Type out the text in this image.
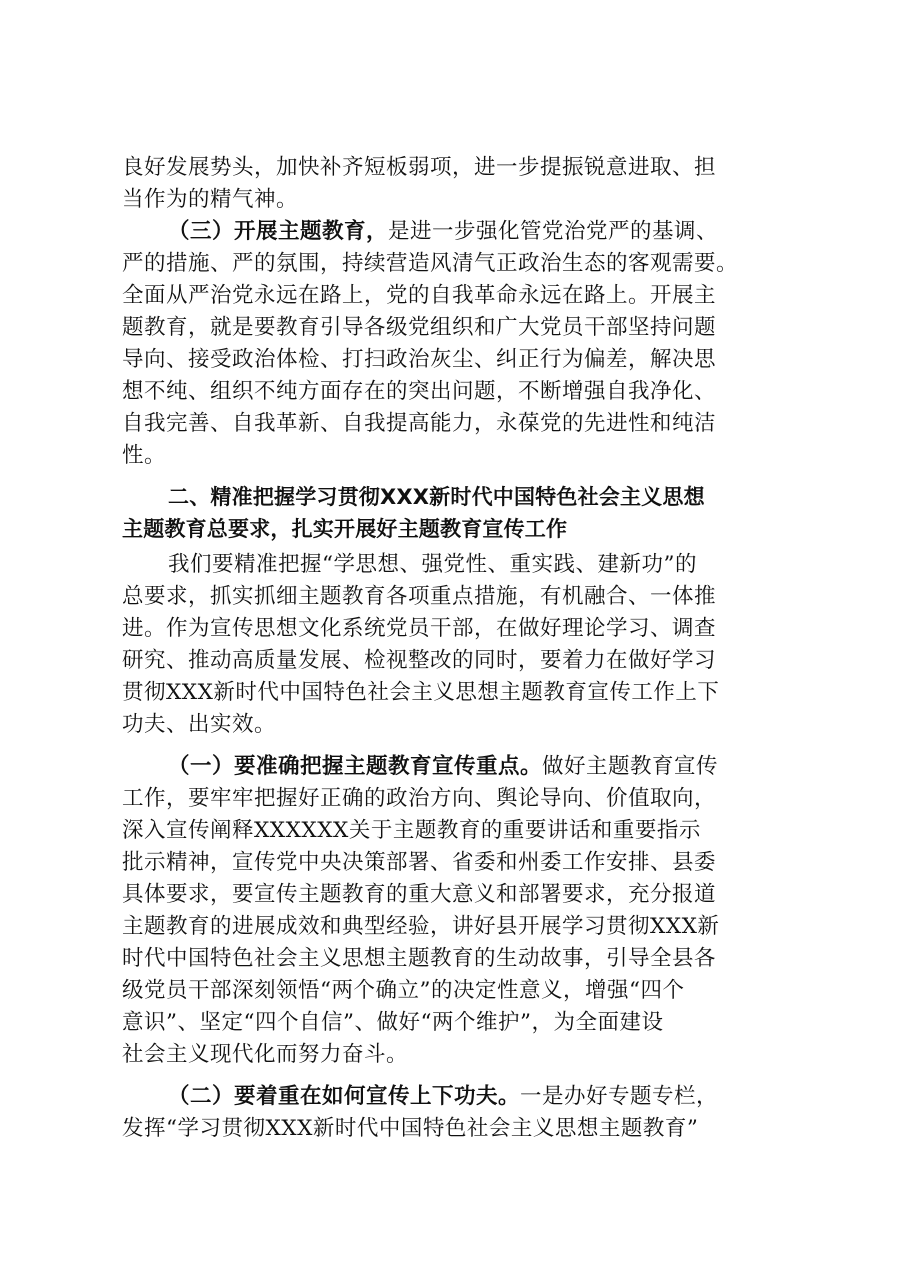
良好发展势头，加快补齐短板弱项，进一步提振锐意进取、担
当作为的精气神。
（三）开展主题教育，是进一步强化管党治党严的基调、
严的措施、严的氛围，持续营造风清气正政治生态的客观需要。
全面从严治党永远在路上，党的自我革命永远在路上。开展主
题教育，就是要教育引导各级党组织和广大党员干部坚持问题
导向、接受政治体检、打扫政治灰尘、纠正行为偏差，解决思
想不纯、组织不纯方面存在的突出问题，不断增强自我净化、
自我完善、自我革新、自我提高能力，永葆党的先进性和纯洁
性。
二、精准把握学习贯彻XXX新时代中国特色社会主义思想
主题教育总要求，扎实开展好主题教育宣传工作
我们要精准把握“学思想、强党性、重实践、建新功”的
总要求，抓实抓细主题教育各项重点措施，有机融合、一体推
进。作为宣传思想文化系统党员干部，在做好理论学习、调查
研究、推动高质量发展、检视整改的同时，要着力在做好学习
贯彻XXX新时代中国特色社会主义思想主题教育宣传工作上下
功夫、出实效。
（一）要准确把握主题教育宣传重点。做好主题教育宣传
工作，要牢牢把握好正确的政治方向、舆论导向、价值取向，
深入宣传阐释XXXXXX关于主题教育的重要讲话和重要指示
批示精神，宣传党中央决策部署、省委和州委工作安排、县委
具体要求，要宣传主题教育的重大意义和部署要求，充分报道
主题教育的进展成效和典型经验，讲好县开展学习贯彻XXX新
时代中国特色社会主义思想主题教育的生动故事，引导全县各
级党员干部深刻领悟“两个确立”的决定性意义，增强“四个
意识”、坚定“四个自信”、做好“两个维护”，为全面建设
社会主义现代化而努力奋斗。
（二）要着重在如何宣传上下功夫。一是办好专题专栏，
发挥“学习贯彻XXX新时代中国特色社会主义思想主题教育”
